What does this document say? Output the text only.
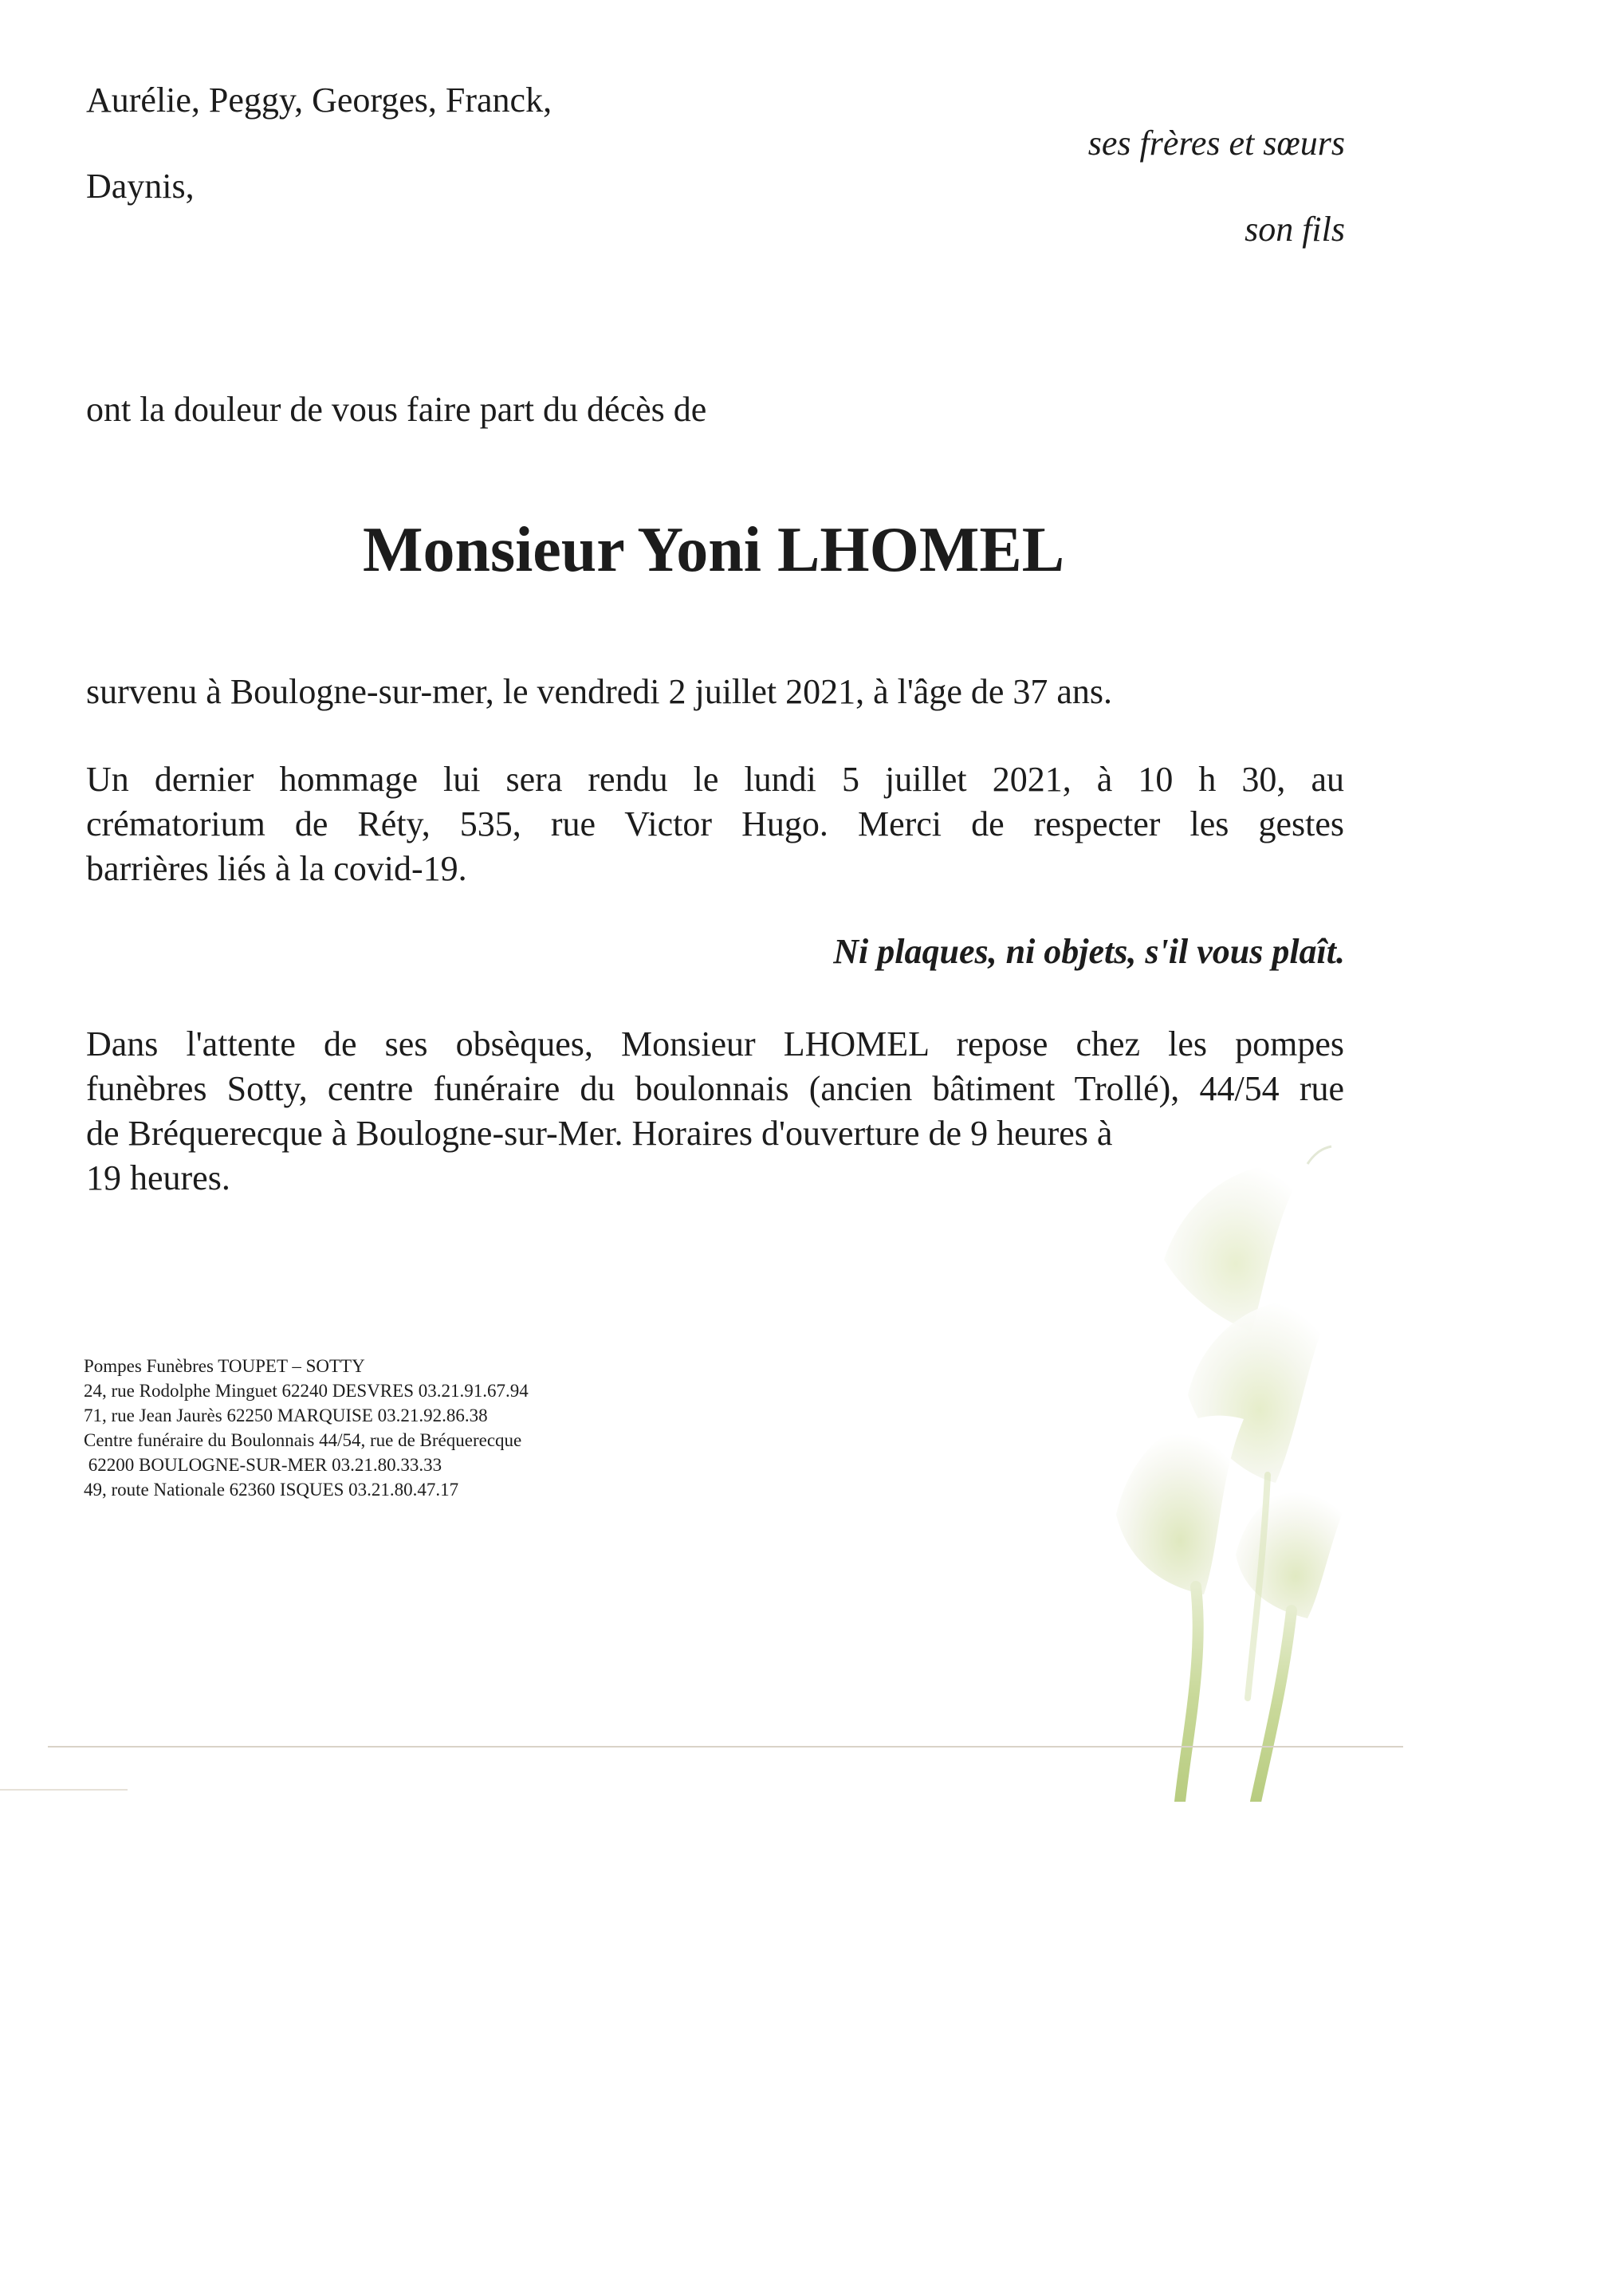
Aurélie, Peggy, Georges, Franck,
ses frères et sœurs
Daynis,
son fils
ont la douleur de vous faire part du décès de
Monsieur Yoni LHOMEL
survenu à Boulogne-sur-mer, le vendredi 2 juillet 2021, à l'âge de 37 ans.
Un dernier hommage lui sera rendu le lundi 5 juillet 2021, à 10 h 30, au
crématorium de Réty, 535, rue Victor Hugo. Merci de respecter les gestes
barrières liés à la covid-19.
Ni plaques, ni objets, s'il vous plaît.
Dans l'attente de ses obsèques, Monsieur LHOMEL repose chez les pompes
funèbres Sotty, centre funéraire du boulonnais (ancien bâtiment Trollé), 44/54 rue
de Bréquerecque à Boulogne-sur-Mer. Horaires d'ouverture de 9 heures à
19 heures.
Pompes Funèbres TOUPET – SOTTY
24, rue Rodolphe Minguet 62240 DESVRES 03.21.91.67.94
71, rue Jean Jaurès 62250 MARQUISE 03.21.92.86.38
Centre funéraire du Boulonnais 44/54, rue de Bréquerecque
62200 BOULOGNE-SUR-MER 03.21.80.33.33
49, route Nationale 62360 ISQUES 03.21.80.47.17
